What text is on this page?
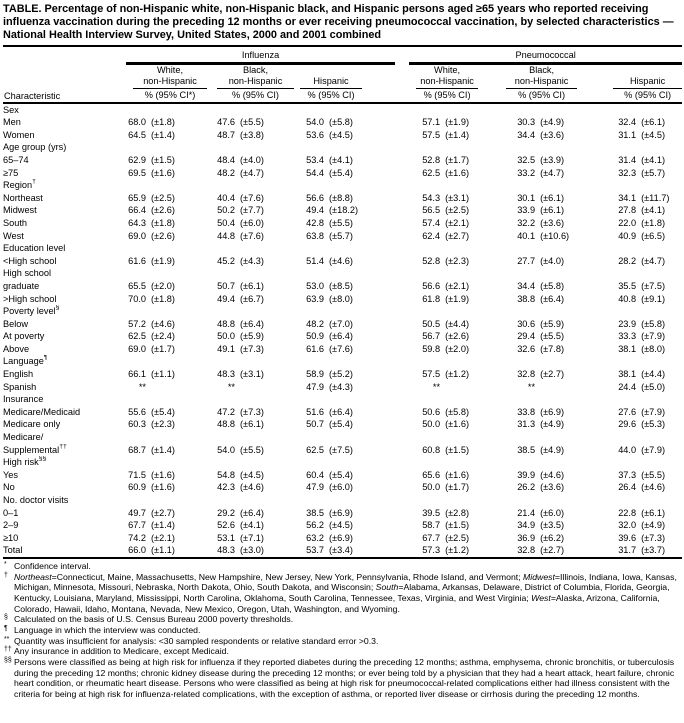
TABLE. Percentage of non-Hispanic white, non-Hispanic black, and Hispanic persons aged ≥65 years who reported receiving influenza vaccination during the preceding 12 months or ever receiving pneumococcal vaccination, by selected characteristics — National Health Interview Survey, United States, 2000 and 2001 combined

	Influenza						Pneumococcal					

	White,
non-Hispanic		Black,
non-Hispanic		Hispanic		White,
non-Hispanic		Black,
non-Hispanic		Hispanic	

Characteristic	% (95% CI*)		% (95% CI)		% (95% CI)		% (95% CI)		% (95% CI)		% (95% CI)	

Sex												
Men	68.0	(±1.8)	47.6	(±5.5)	54.0	(±5.8)	57.1	(±1.9)	30.3	(±4.9)	32.4	(±6.1)
Women	64.5	(±1.4)	48.7	(±3.8)	53.6	(±4.5)	57.5	(±1.4)	34.4	(±3.6)	31.1	(±4.5)
Age group (yrs)												
65–74	62.9	(±1.5)	48.4	(±4.0)	53.4	(±4.1)	52.8	(±1.7)	32.5	(±3.9)	31.4	(±4.1)
≥75	69.5	(±1.6)	48.2	(±4.7)	54.4	(±5.4)	62.5	(±1.6)	33.2	(±4.7)	32.3	(±5.7)
Region†	
Northeast	65.9	(±2.5)	40.4	(±7.6)	56.6	(±8.8)	54.3	(±3.1)	30.1	(±6.1)	34.1	(±11.7)
Midwest	66.4	(±2.6)	50.2	(±7.7)	49.4	(±18.2)	56.5	(±2.5)	33.9	(±6.1)	27.8	(±4.1)
South	64.3	(±1.8)	50.4	(±6.0)	42.8	(±5.5)	57.4	(±2.1)	32.2	(±3.6)	22.0	(±1.8)
West	69.0	(±2.6)	44.8	(±7.6)	63.8	(±5.7)	62.4	(±2.7)	40.1	(±10.6)	40.9	(±6.5)
Education level												
<High school	61.6	(±1.9)	45.2	(±4.3)	51.4	(±4.6)	52.8	(±2.3)	27.7	(±4.0)	28.2	(±4.7)
High school												
graduate	65.5	(±2.0)	50.7	(±6.1)	53.0	(±8.5)	56.6	(±2.1)	34.4	(±5.8)	35.5	(±7.5)
>High school	70.0	(±1.8)	49.4	(±6.7)	63.9	(±8.0)	61.8	(±1.9)	38.8	(±6.4)	40.8	(±9.1)
Poverty level§	
Below	57.2	(±4.6)	48.8	(±6.4)	48.2	(±7.0)	50.5	(±4.4)	30.6	(±5.9)	23.9	(±5.8)
At poverty	62.5	(±2.4)	50.0	(±5.9)	50.9	(±6.4)	56.7	(±2.6)	29.4	(±5.5)	33.3	(±7.9)
Above	69.0	(±1.7)	49.1	(±7.3)	61.6	(±7.6)	59.8	(±2.0)	32.6	(±7.8)	38.1	(±8.0)
Language¶	
English	66.1	(±1.1)	48.3	(±3.1)	58.9	(±5.2)	57.5	(±1.2)	32.8	(±2.7)	38.1	(±4.4)
Spanish	**		**		47.9	(±4.3)	**		**		24.4	(±5.0)
Insurance												
Medicare/Medicaid	55.6	(±5.4)	47.2	(±7.3)	51.6	(±6.4)	50.6	(±5.8)	33.8	(±6.9)	27.6	(±7.9)
Medicare only	60.3	(±2.3)	48.8	(±6.1)	50.7	(±5.4)	50.0	(±1.6)	31.3	(±4.9)	29.6	(±5.3)
Medicare/												
Supplemental††	68.7	(±1.4)	54.0	(±5.5)	62.5	(±7.5)	60.8	(±1.5)	38.5	(±4.9)	44.0	(±7.9)
High risk§§	
Yes	71.5	(±1.6)	54.8	(±4.5)	60.4	(±5.4)	65.6	(±1.6)	39.9	(±4.6)	37.3	(±5.5)
No	60.9	(±1.6)	42.3	(±4.6)	47.9	(±6.0)	50.0	(±1.7)	26.2	(±3.6)	26.4	(±4.6)
No. doctor visits												
0–1	49.7	(±2.7)	29.2	(±6.4)	38.5	(±6.9)	39.5	(±2.8)	21.4	(±6.0)	22.8	(±6.1)
2–9	67.7	(±1.4)	52.6	(±4.1)	56.2	(±4.5)	58.7	(±1.5)	34.9	(±3.5)	32.0	(±4.9)
≥10	74.2	(±2.1)	53.1	(±7.1)	63.2	(±6.9)	67.7	(±2.5)	36.9	(±6.2)	39.6	(±7.3)
Total	66.0	(±1.1)	48.3	(±3.0)	53.7	(±3.4)	57.3	(±1.2)	32.8	(±2.7)	31.7	(±3.7)
* Confidence interval.
† Northeast=Connecticut, Maine, Massachusetts, New Hampshire, New Jersey, New York, Pennsylvania, Rhode Island, and Vermont; Midwest=Illinois, Indiana, Iowa, Kansas, Michigan, Minnesota, Missouri, Nebraska, North Dakota, Ohio, South Dakota, and Wisconsin; South=Alabama, Arkansas, Delaware, District of Columbia, Florida, Georgia, Kentucky, Louisiana, Maryland, Mississippi, North Carolina, Oklahoma, South Carolina, Tennessee, Texas, Virginia, and West Virginia; West=Alaska, Arizona, California, Colorado, Hawaii, Idaho, Montana, Nevada, New Mexico, Oregon, Utah, Washington, and Wyoming.
§ Calculated on the basis of U.S. Census Bureau 2000 poverty thresholds.
¶ Language in which the interview was conducted.
** Quantity was insufficient for analysis: <30 sampled respondents or relative standard error >0.3.
†† Any insurance in addition to Medicare, except Medicaid.
§§ Persons were classified as being at high risk for influenza if they reported diabetes during the preceding 12 months; asthma, emphysema, chronic bronchitis, or tuberculosis during the preceding 12 months; chronic kidney disease during the preceding 12 months; or ever being told by a physician that they had a heart attack, heart failure, chronic heart condition, or rheumatic heart disease. Persons who were classified as being at high risk for pneumococcal-related complications either had illness consistent with the criteria for being at high risk for influenza-related complications, with the exception of asthma, or reported liver disease or cirrhosis during the preceding 12 months.
